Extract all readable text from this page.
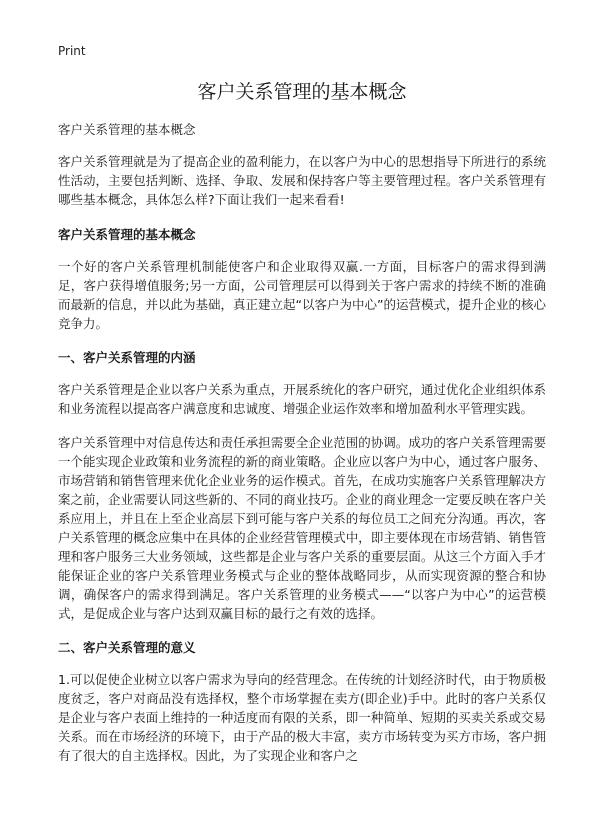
Print
客户关系管理的基本概念

客户关系管理的基本概念

客户关系管理就是为了提高企业的盈利能力，在以客户为中心的思想指导下所进行的系统性活动，主要包括判断、选择、争取、发展和保持客户等主要管理过程。客户关系管理有哪些基本概念，具体怎么样?下面让我们一起来看看!

客户关系管理的基本概念

一个好的客户关系管理机制能使客户和企业取得双赢.一方面，目标客户的需求得到满足，客户获得增值服务;另一方面，公司管理层可以得到关于客户需求的持续不断的准确而最新的信息，并以此为基础，真正建立起“以客户为中心”的运营模式，提升企业的核心竞争力。

一、客户关系管理的内涵

客户关系管理是企业以客户关系为重点，开展系统化的客户研究，通过优化企业组织体系和业务流程以提高客户满意度和忠诚度、增强企业运作效率和增加盈利水平管理实践。

客户关系管理中对信息传达和责任承担需要全企业范围的协调。成功的客户关系管理需要一个能实现企业政策和业务流程的新的商业策略。企业应以客户为中心，通过客户服务、市场营销和销售管理来优化企业业务的运作模式。首先，在成功实施客户关系管理解决方案之前，企业需要认同这些新的、不同的商业技巧。企业的商业理念一定要反映在客户关系应用上，并且在上至企业高层下到可能与客户关系的每位员工之间充分沟通。再次，客户关系管理的概念应集中在具体的企业经营管理模式中，即主要体现在市场营销、销售管理和客户服务三大业务领域，这些都是企业与客户关系的重要层面。从这三个方面入手才能保证企业的客户关系管理业务模式与企业的整体战略同步，从而实现资源的整合和协调，确保客户的需求得到满足。客户关系管理的业务模式——“以客户为中心”的运营模式，是促成企业与客户达到双赢目标的最行之有效的选择。

二、客户关系管理的意义

1.可以促使企业树立以客户需求为导向的经营理念。在传统的计划经济时代，由于物质极度贫乏，客户对商品没有选择权，整个市场掌握在卖方(即企业)手中。此时的客户关系仅是企业与客户表面上维持的一种适度而有限的关系，即一种简单、短期的买卖关系或交易关系。而在市场经济的环境下，由于产品的极大丰富，卖方市场转变为买方市场，客户拥有了很大的自主选择权。因此，为了实现企业和客户之
